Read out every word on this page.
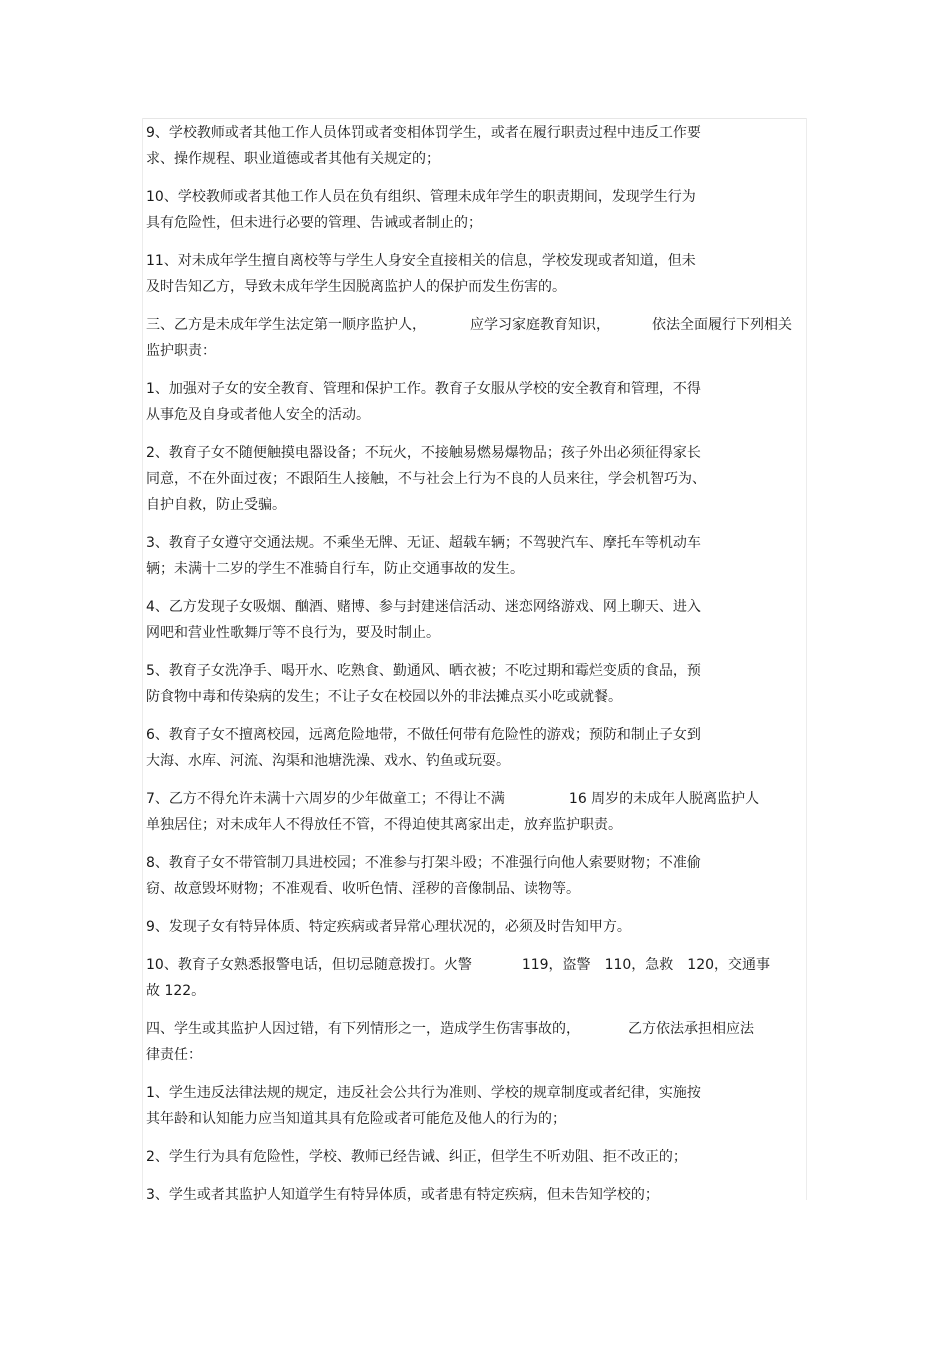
9、学校教师或者其他工作人员体罚或者变相体罚学生，或者在履行职责过程中违反工作要
求、操作规程、职业道德或者其他有关规定的；
10、学校教师或者其他工作人员在负有组织、管理未成年学生的职责期间，发现学生行为
具有危险性，但未进行必要的管理、告诫或者制止的；
11、对未成年学生擅自离校等与学生人身安全直接相关的信息，学校发现或者知道，但未
及时告知乙方，导致未成年学生因脱离监护人的保护而发生伤害的。
三、乙方是未成年学生法定第一顺序监护人，	应学习家庭教育知识，	依法全面履行下列相关
监护职责：
1、加强对子女的安全教育、管理和保护工作。教育子女服从学校的安全教育和管理，不得
从事危及自身或者他人安全的活动。
2、教育子女不随便触摸电器设备；不玩火，不接触易燃易爆物品；孩子外出必须征得家长
同意，不在外面过夜；不跟陌生人接触，不与社会上行为不良的人员来往，学会机智巧为、
自护自救，防止受骗。
3、教育子女遵守交通法规。不乘坐无牌、无证、超载车辆；不驾驶汽车、摩托车等机动车
辆；未满十二岁的学生不准骑自行车，防止交通事故的发生。
4、乙方发现子女吸烟、酗酒、赌博、参与封建迷信活动、迷恋网络游戏、网上聊天、进入
网吧和营业性歌舞厅等不良行为，要及时制止。
5、教育子女洗净手、喝开水、吃熟食、勤通风、晒衣被；不吃过期和霉烂变质的食品，预
防食物中毒和传染病的发生；不让子女在校园以外的非法摊点买小吃或就餐。
6、教育子女不擅离校园，远离危险地带，不做任何带有危险性的游戏；预防和制止子女到
大海、水库、河流、沟渠和池塘洗澡、戏水、钓鱼或玩耍。
7、乙方不得允许未满十六周岁的少年做童工；不得让不满	16 周岁的未成年人脱离监护人
单独居住；对未成年人不得放任不管，不得迫使其离家出走，放弃监护职责。
8、教育子女不带管制刀具进校园；不准参与打架斗殴；不准强行向他人索要财物；不准偷
窃、故意毁坏财物；不准观看、收听色情、淫秽的音像制品、读物等。
9、发现子女有特异体质、特定疾病或者异常心理状况的，必须及时告知甲方。
10、教育子女熟悉报警电话，但切忌随意拨打。火警	119，盗警 110，急救 120，交通事
故 122。
四、学生或其监护人因过错，有下列情形之一，造成学生伤害事故的，	乙方依法承担相应法
律责任：
1、学生违反法律法规的规定，违反社会公共行为准则、学校的规章制度或者纪律，实施按
其年龄和认知能力应当知道其具有危险或者可能危及他人的行为的；
2、学生行为具有危险性，学校、教师已经告诫、纠正，但学生不听劝阻、拒不改正的；
3、学生或者其监护人知道学生有特异体质，或者患有特定疾病，但未告知学校的；
